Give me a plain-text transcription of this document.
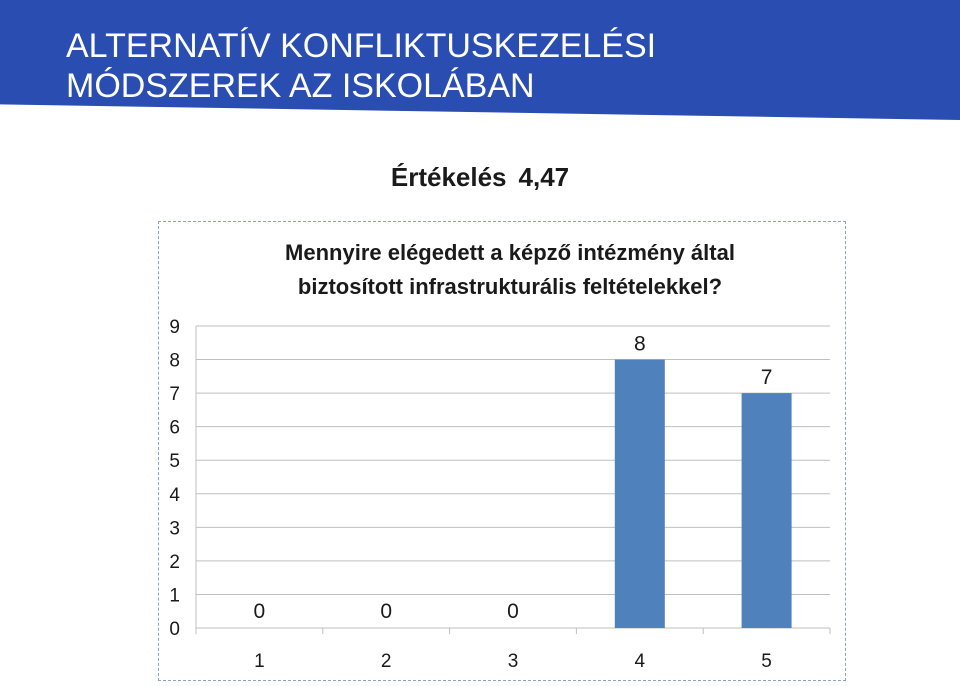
ALTERNATÍV KONFLIKTUSKEZELÉSI
MÓDSZEREK AZ ISKOLÁBAN
Értékelés 4,47
Mennyire elégedett a képző intézmény által
biztosított infrastrukturális feltételekkel?
0
1
2
3
4
5
6
7
8
9
1	2	3	4	5
0	0	0
8
7
